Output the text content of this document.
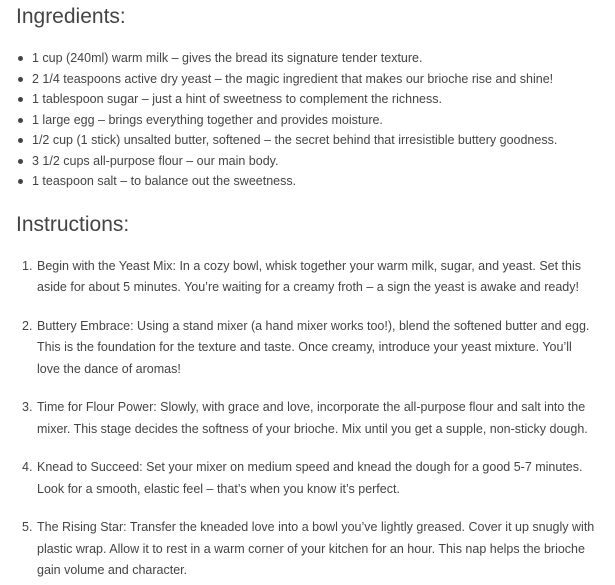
Ingredients:
1 cup (240ml) warm milk – gives the bread its signature tender texture.
2 1/4 teaspoons active dry yeast – the magic ingredient that makes our brioche rise and shine!
1 tablespoon sugar – just a hint of sweetness to complement the richness.
1 large egg – brings everything together and provides moisture.
1/2 cup (1 stick) unsalted butter, softened – the secret behind that irresistible buttery goodness.
3 1/2 cups all-purpose flour – our main body.
1 teaspoon salt – to balance out the sweetness.
Instructions:
1. Begin with the Yeast Mix: In a cozy bowl, whisk together your warm milk, sugar, and yeast. Set this
aside for about 5 minutes. You’re waiting for a creamy froth – a sign the yeast is awake and ready!
2. Buttery Embrace: Using a stand mixer (a hand mixer works too!), blend the softened butter and egg.
This is the foundation for the texture and taste. Once creamy, introduce your yeast mixture. You’ll
love the dance of aromas!
3. Time for Flour Power: Slowly, with grace and love, incorporate the all-purpose flour and salt into the
mixer. This stage decides the softness of your brioche. Mix until you get a supple, non-sticky dough.
4. Knead to Succeed: Set your mixer on medium speed and knead the dough for a good 5-7 minutes.
Look for a smooth, elastic feel – that’s when you know it’s perfect.
5. The Rising Star: Transfer the kneaded love into a bowl you’ve lightly greased. Cover it up snugly with
plastic wrap. Allow it to rest in a warm corner of your kitchen for an hour. This nap helps the brioche
gain volume and character.
